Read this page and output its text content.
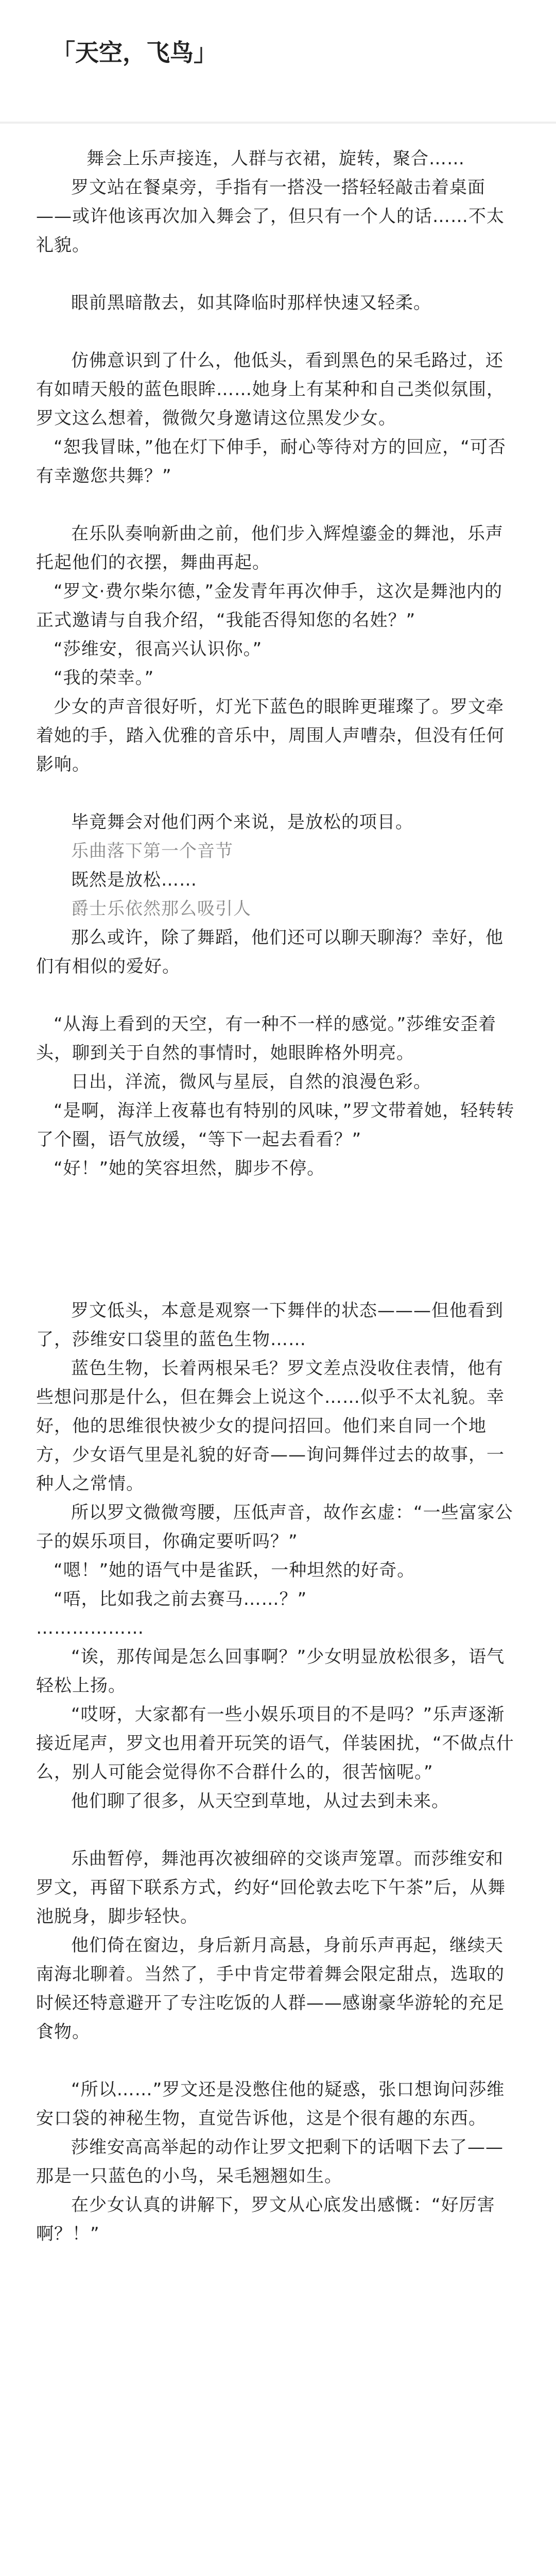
「天空，飞鸟」

舞会上乐声接连，人群与衣裙，旋转，聚合……

罗文站在餐桌旁，手指有一搭没一搭轻轻敲击着桌面——或许他该再次加入舞会了，但只有一个人的话……不太礼貌。

眼前黑暗散去，如其降临时那样快速又轻柔。

仿佛意识到了什么，他低头，看到黑色的呆毛路过，还有如晴天般的蓝色眼眸……她身上有某种和自己类似氛围，罗文这么想着，微微欠身邀请这位黑发少女。

“恕我冒昧，”他在灯下伸手，耐心等待对方的回应，“可否有幸邀您共舞？”

在乐队奏响新曲之前，他们步入辉煌鎏金的舞池，乐声托起他们的衣摆，舞曲再起。

“罗文·费尔柴尔德，”金发青年再次伸手，这次是舞池内的正式邀请与自我介绍，“我能否得知您的名姓？”

“莎维安，很高兴认识你。”

“我的荣幸。”

少女的声音很好听，灯光下蓝色的眼眸更璀璨了。罗文牵着她的手，踏入优雅的音乐中，周围人声嘈杂，但没有任何影响。

毕竟舞会对他们两个来说，是放松的项目。

乐曲落下第一个音节

既然是放松……

爵士乐依然那么吸引人

那么或许，除了舞蹈，他们还可以聊天聊海？幸好，他们有相似的爱好。

“从海上看到的天空，有一种不一样的感觉。”莎维安歪着头，聊到关于自然的事情时，她眼眸格外明亮。

日出，洋流，微风与星辰，自然的浪漫色彩。

“是啊，海洋上夜幕也有特别的风味，”罗文带着她，轻转转了个圈，语气放缓，“等下一起去看看？”

“好！”她的笑容坦然，脚步不停。

罗文低头，本意是观察一下舞伴的状态———但他看到了，莎维安口袋里的蓝色生物……

蓝色生物，长着两根呆毛？罗文差点没收住表情，他有些想问那是什么，但在舞会上说这个……似乎不太礼貌。幸好，他的思维很快被少女的提问招回。他们来自同一个地方，少女语气里是礼貌的好奇——询问舞伴过去的故事，一种人之常情。

所以罗文微微弯腰，压低声音，故作玄虚：“一些富家公子的娱乐项目，你确定要听吗？”

“嗯！”她的语气中是雀跃，一种坦然的好奇。

“唔，比如我之前去赛马……？”

………………

“诶，那传闻是怎么回事啊？”少女明显放松很多，语气轻松上扬。

“哎呀，大家都有一些小娱乐项目的不是吗？”乐声逐渐接近尾声，罗文也用着开玩笑的语气，佯装困扰，“不做点什么，别人可能会觉得你不合群什么的，很苦恼呢。”

他们聊了很多，从天空到草地，从过去到未来。

乐曲暂停，舞池再次被细碎的交谈声笼罩。而莎维安和罗文，再留下联系方式，约好“回伦敦去吃下午茶”后，从舞池脱身，脚步轻快。

他们倚在窗边，身后新月高悬，身前乐声再起，继续天南海北聊着。当然了，手中肯定带着舞会限定甜点，选取的时候还特意避开了专注吃饭的人群——感谢豪华游轮的充足食物。

“所以……”罗文还是没憋住他的疑惑，张口想询问莎维安口袋的神秘生物，直觉告诉他，这是个很有趣的东西。

莎维安高高举起的动作让罗文把剩下的话咽下去了——那是一只蓝色的小鸟，呆毛翘翘如生。

在少女认真的讲解下，罗文从心底发出感慨：“好厉害啊？！”
